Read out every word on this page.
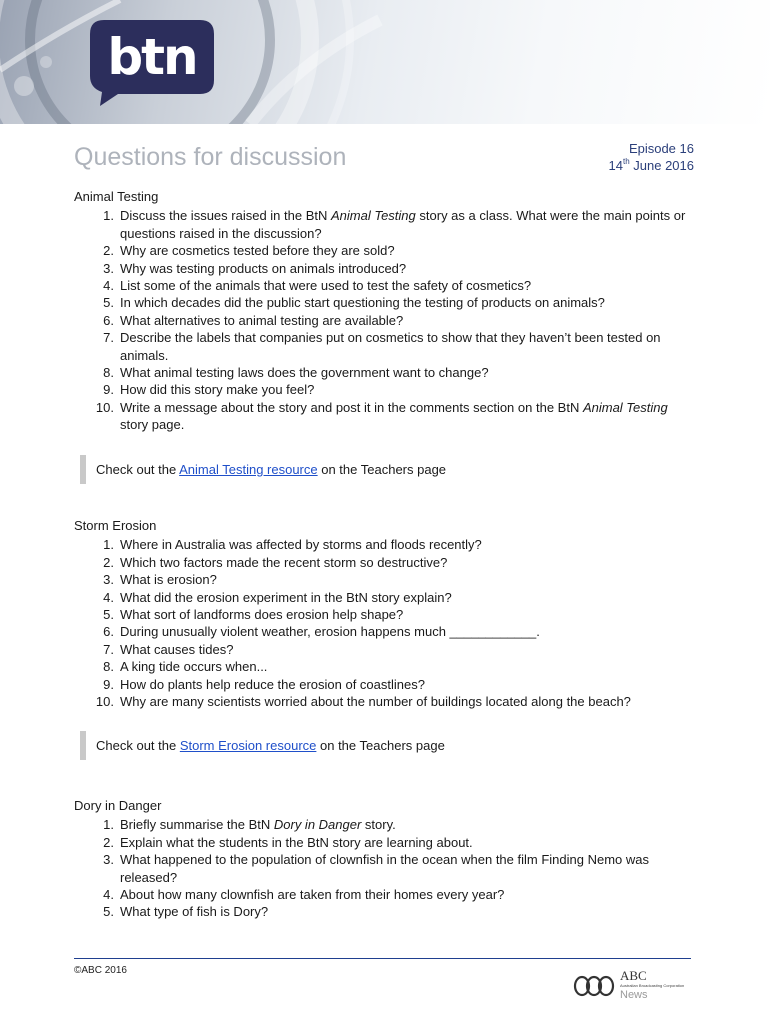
btn
Questions for discussion	Episode 16
14th June 2016
Animal Testing
1. Discuss the issues raised in the BtN Animal Testing story as a class. What were the main points or questions raised in the discussion?
2. Why are cosmetics tested before they are sold?
3. Why was testing products on animals introduced?
4. List some of the animals that were used to test the safety of cosmetics?
5. In which decades did the public start questioning the testing of products on animals?
6. What alternatives to animal testing are available?
7. Describe the labels that companies put on cosmetics to show that they haven’t been tested on animals.
8. What animal testing laws does the government want to change?
9. How did this story make you feel?
10. Write a message about the story and post it in the comments section on the BtN Animal Testing story page.
Check out the Animal Testing resource on the Teachers page
Storm Erosion
1. Where in Australia was affected by storms and floods recently?
2. Which two factors made the recent storm so destructive?
3. What is erosion?
4. What did the erosion experiment in the BtN story explain?
5. What sort of landforms does erosion help shape?
6. During unusually violent weather, erosion happens much ____________.
7. What causes tides?
8. A king tide occurs when...
9. How do plants help reduce the erosion of coastlines?
10. Why are many scientists worried about the number of buildings located along the beach?
Check out the Storm Erosion resource on the Teachers page
Dory in Danger
1. Briefly summarise the BtN Dory in Danger story.
2. Explain what the students in the BtN story are learning about.
3. What happened to the population of clownfish in the ocean when the film Finding Nemo was released?
4. About how many clownfish are taken from their homes every year?
5. What type of fish is Dory?
©ABC 2016	ABC
Australian Broadcasting Corporation
News
